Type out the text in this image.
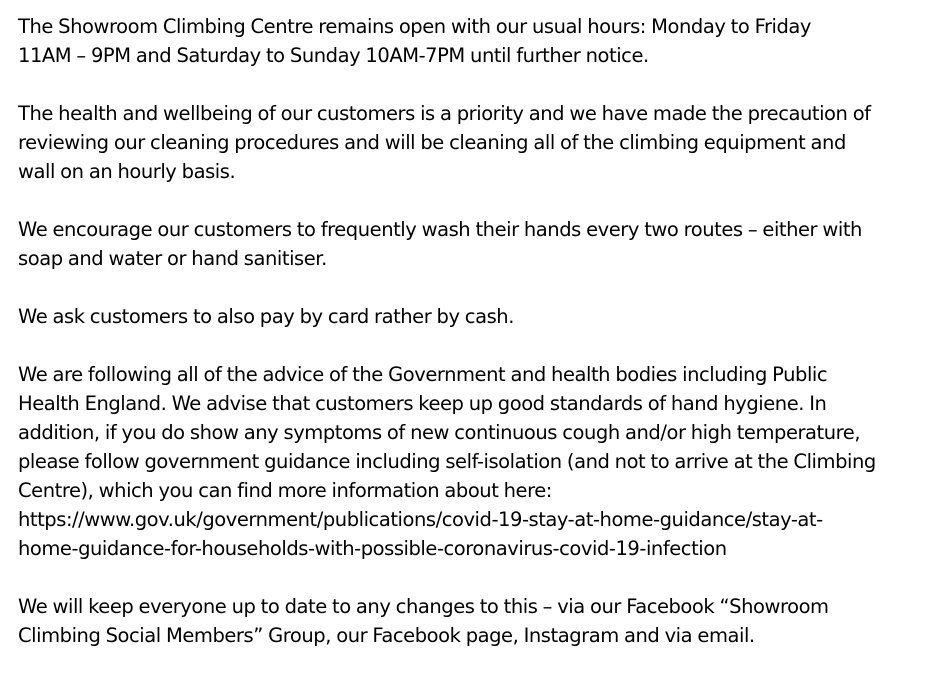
The Showroom Climbing Centre remains open with our usual hours: Monday to Friday
11AM – 9PM and Saturday to Sunday 10AM-7PM until further notice.

The health and wellbeing of our customers is a priority and we have made the precaution of
reviewing our cleaning procedures and will be cleaning all of the climbing equipment and
wall on an hourly basis.

We encourage our customers to frequently wash their hands every two routes – either with
soap and water or hand sanitiser.

We ask customers to also pay by card rather by cash.

We are following all of the advice of the Government and health bodies including Public
Health England. We advise that customers keep up good standards of hand hygiene. In
addition, if you do show any symptoms of new continuous cough and/or high temperature,
please follow government guidance including self-isolation (and not to arrive at the Climbing
Centre), which you can find more information about here:
https://www.gov.uk/government/publications/covid-19-stay-at-home-guidance/stay-at-
home-guidance-for-households-with-possible-coronavirus-covid-19-infection

We will keep everyone up to date to any changes to this – via our Facebook “Showroom
Climbing Social Members” Group, our Facebook page, Instagram and via email.
